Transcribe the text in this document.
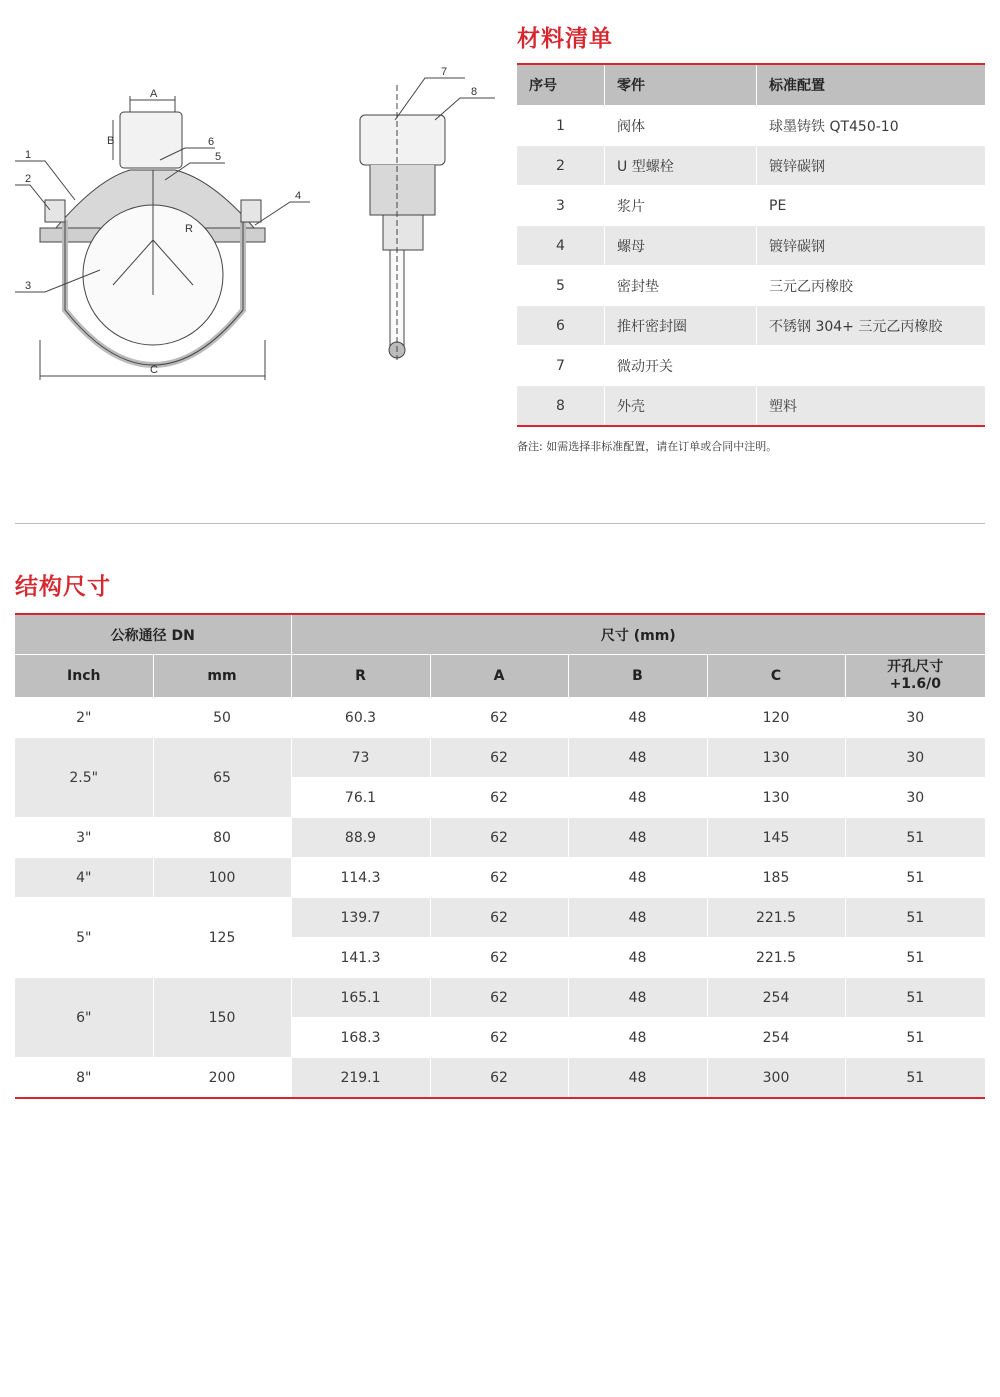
A
B
C
R
1
2
3
4
5
6
7
8
材料清单
序号	零件	标准配置
1	阀体	球墨铸铁 QT450-10
2	U 型螺栓	镀锌碳钢
3	浆片	PE
4	螺母	镀锌碳钢
5	密封垫	三元乙丙橡胶
6	推杆密封圈	不锈钢 304+ 三元乙丙橡胶
7	微动开关	
8	外壳	塑料
备注: 如需选择非标准配置，请在订单或合同中注明。
结构尺寸
公称通径 DN		尺寸 (mm)				
Inch	mm	R	A	B	C	开孔尺寸
+1.6/0
2"	50	60.3	62	48	120	30
2.5"	65	73	62	48	130	30
		76.1	62	48	130	30
3"	80	88.9	62	48	145	51
4"	100	114.3	62	48	185	51
5"	125	139.7	62	48	221.5	51
		141.3	62	48	221.5	51
6"	150	165.1	62	48	254	51
		168.3	62	48	254	51
8"	200	219.1	62	48	300	51
